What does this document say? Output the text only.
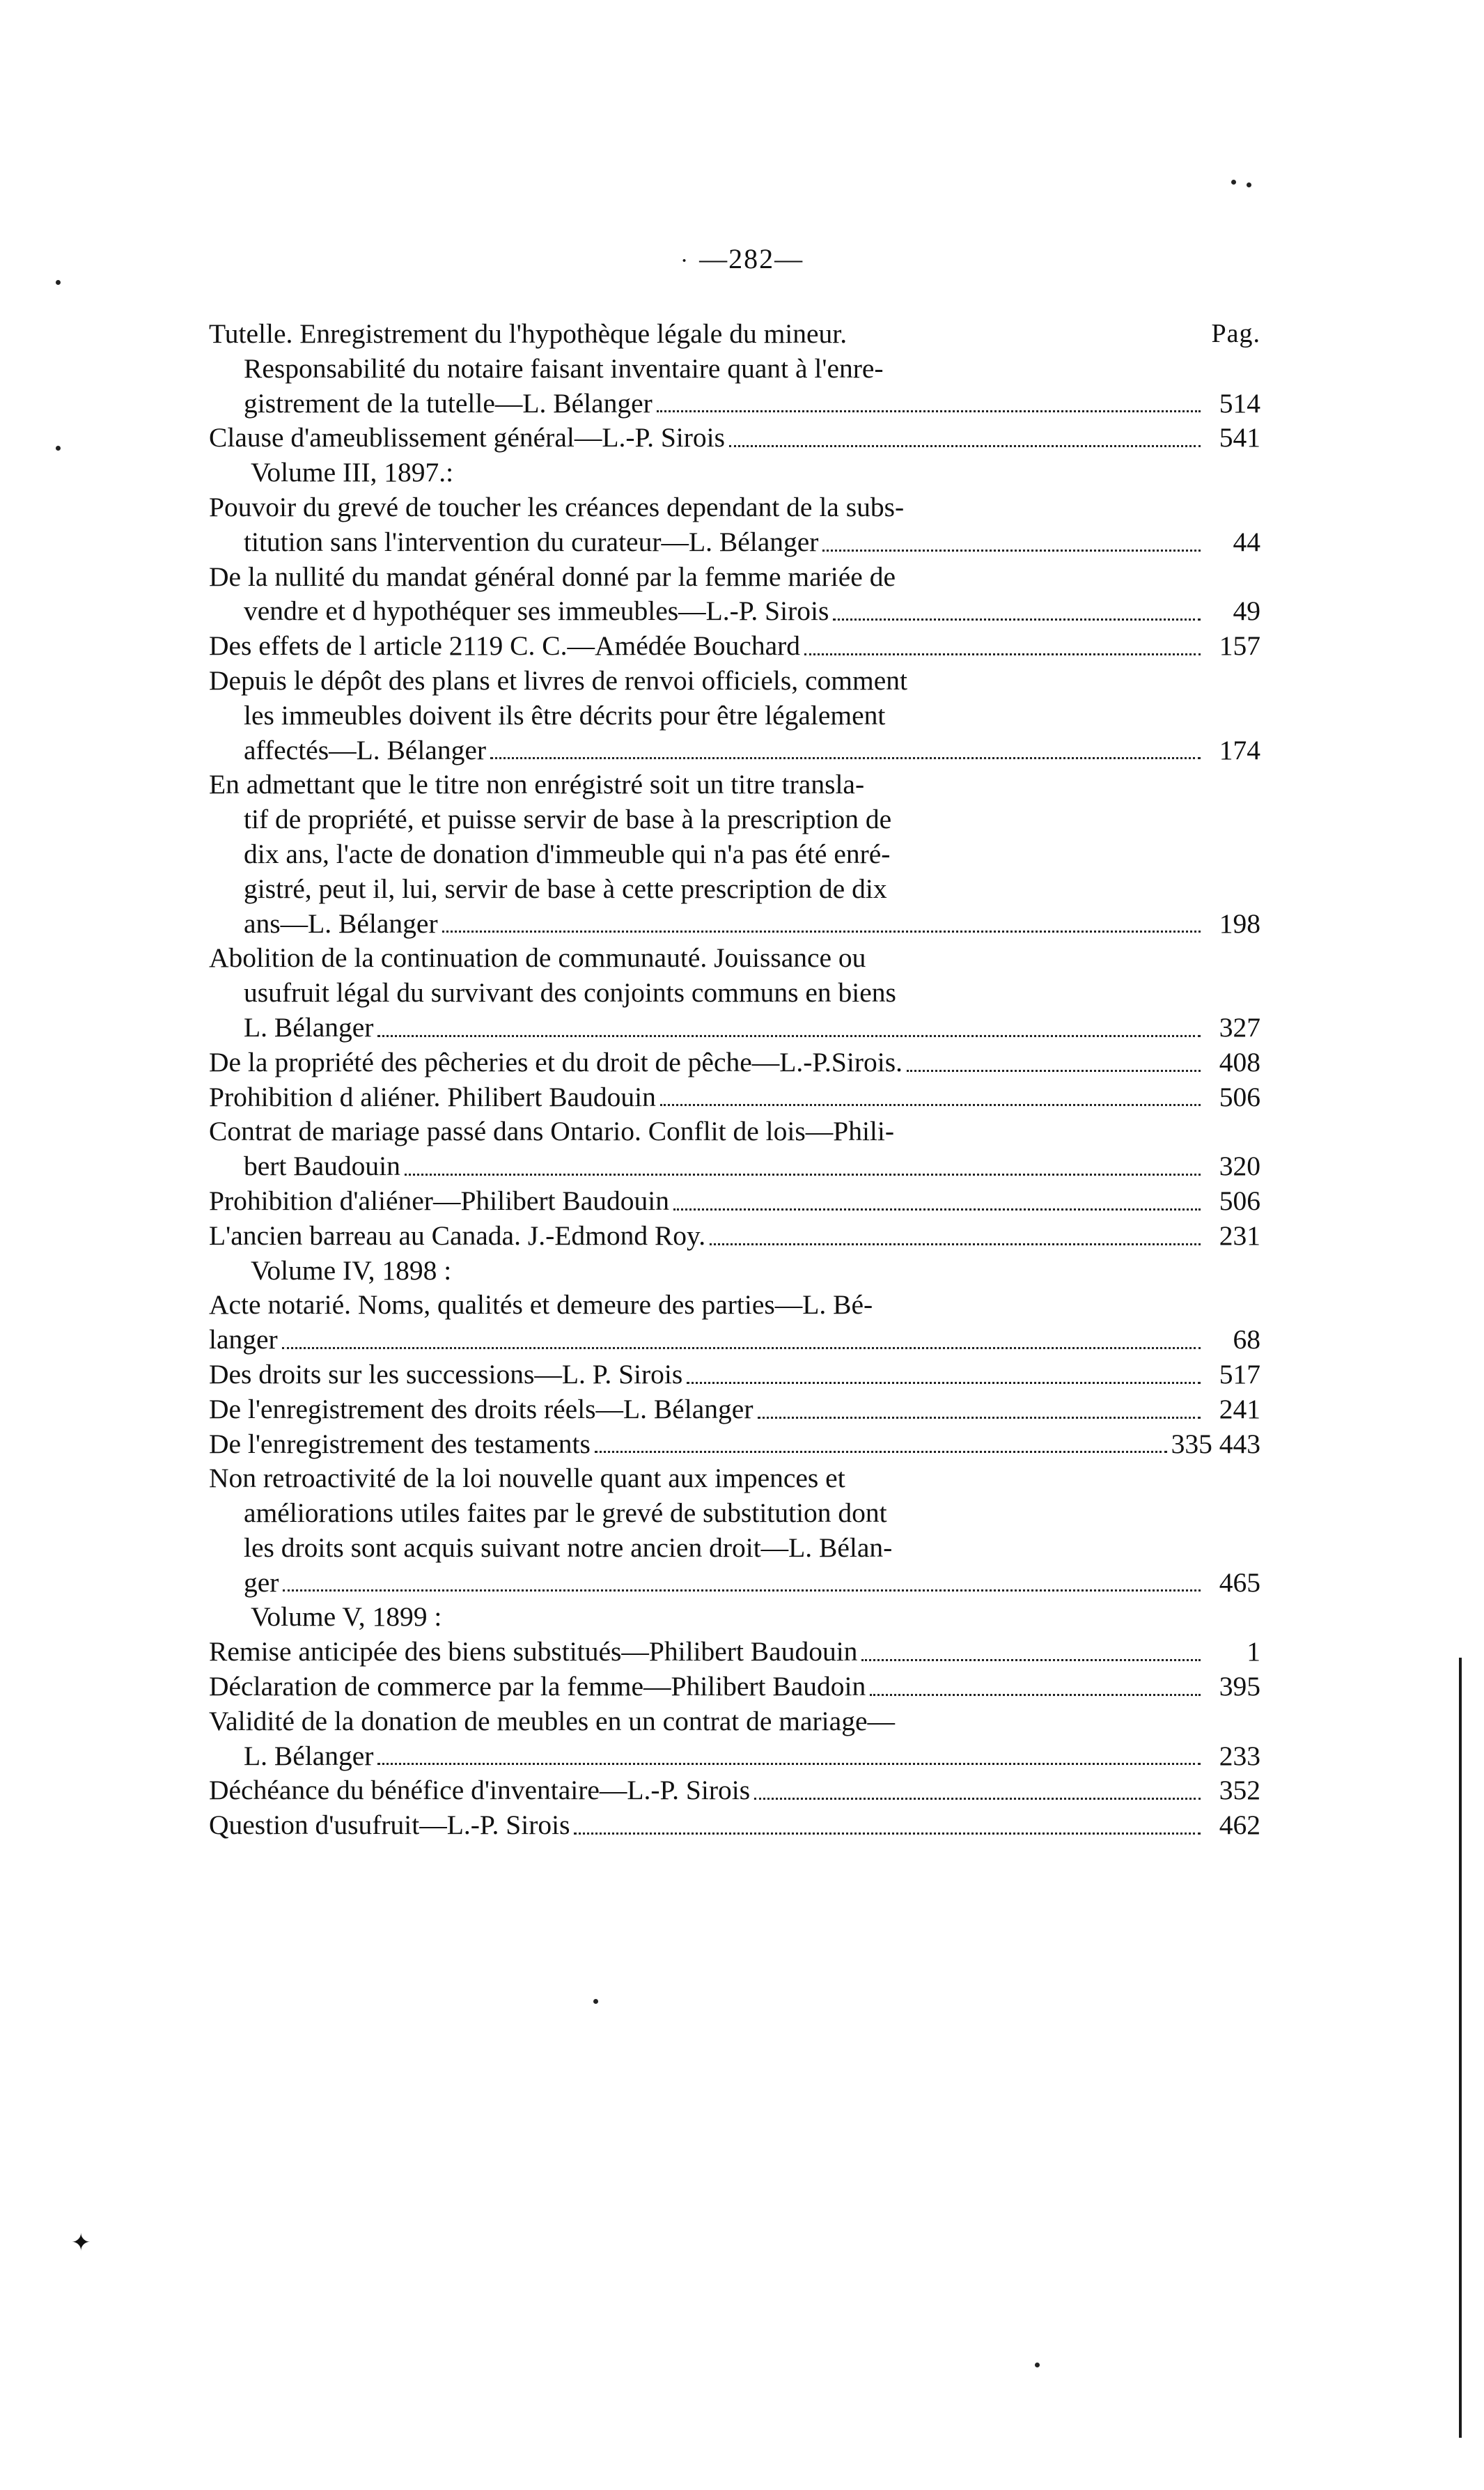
· —282—
Tutelle. Enregistrement du l'hypothèque légale du mineur.	Pag.
Responsabilité du notaire faisant inventaire quant à l'enre-
gistrement de la tutelle—L. Bélanger	514
Clause d'ameublissement général—L.-P. Sirois	541
Volume III, 1897.:
Pouvoir du grevé de toucher les créances dependant de la subs-
titution sans l'intervention du curateur—L. Bélanger	44
De la nullité du mandat général donné par la femme mariée de
vendre et d hypothéquer ses immeubles—L.-P. Sirois	49
Des effets de l article 2119 C. C.—Amédée Bouchard	157
Depuis le dépôt des plans et livres de renvoi officiels, comment
les immeubles doivent ils être décrits pour être légalement
affectés—L. Bélanger	174
En admettant que le titre non enrégistré soit un titre transla-
tif de propriété, et puisse servir de base à la prescription de
dix ans, l'acte de donation d'immeuble qui n'a pas été enré-
gistré, peut il, lui, servir de base à cette prescription de dix
ans—L. Bélanger	198
Abolition de la continuation de communauté. Jouissance ou
usufruit légal du survivant des conjoints communs en biens
L. Bélanger	327
De la propriété des pêcheries et du droit de pêche—L.-P.Sirois.	408
Prohibition d aliéner. Philibert Baudouin	506
Contrat de mariage passé dans Ontario. Conflit de lois—Phili-
bert Baudouin	320
Prohibition d'aliéner—Philibert Baudouin	506
L'ancien barreau au Canada. J.-Edmond Roy.	231
Volume IV, 1898 :
Acte notarié. Noms, qualités et demeure des parties—L. Bé-
langer	68
Des droits sur les successions—L. P. Sirois	517
De l'enregistrement des droits réels—L. Bélanger	241
De l'enregistrement des testaments	335 443
Non retroactivité de la loi nouvelle quant aux impences et
améliorations utiles faites par le grevé de substitution dont
les droits sont acquis suivant notre ancien droit—L. Bélan-
ger	465
Volume V, 1899 :
Remise anticipée des biens substitués—Philibert Baudouin	1
Déclaration de commerce par la femme—Philibert Baudoin	395
Validité de la donation de meubles en un contrat de mariage—
L. Bélanger	233
Déchéance du bénéfice d'inventaire—L.-P. Sirois	352
Question d'usufruit—L.-P. Sirois	462
✦
